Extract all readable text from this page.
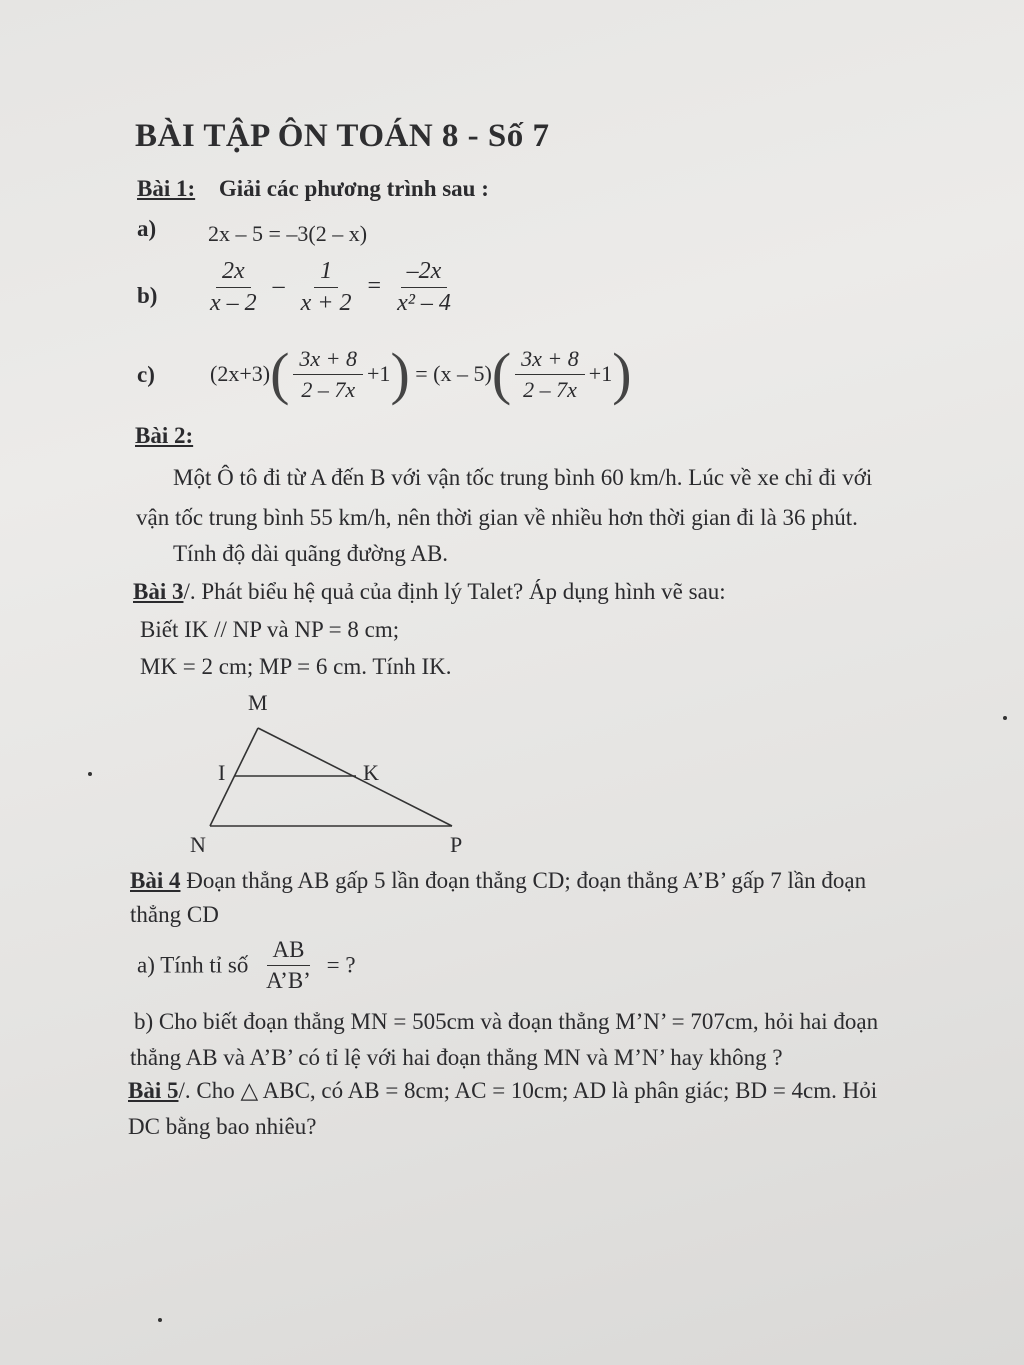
BÀI TẬP ÔN TOÁN 8 - Số 7
Bài 1: Giải các phương trình sau :
a) 2x – 5 = –3(2 – x)
$b) \frac{2x}{x - 2} - \frac{1}{x + 2} = \frac{-2x}{\text{x² – 4}}$
c)	$(2x+3)( \frac{3x + 8}{2 - 7x} +1) = (x - 5)( \frac{3x + 8}{2 - 7x} +1)$
Bài 2:
Một Ô tô đi từ A đến B với vận tốc trung bình 60 km/h. Lúc về xe chỉ đi với
vận tốc trung bình 55 km/h, nên thời gian về nhiều hơn thời gian đi là 36 phút.
Tính độ dài quãng đường AB.
Bài 3/. Phát biểu hệ quả của định lý Talet? Áp dụng hình vẽ sau:
Biết IK // NP và NP = 8 cm;
MK = 2 cm; MP = 6 cm. Tính IK.
M
I	K
N	P
Bài 4 Đoạn thẳng AB gấp 5 lần đoạn thẳng CD; đoạn thẳng A’B’ gấp 7 lần đoạn
thẳng CD
a) Tính tỉ số $\frac{AB}{A’B’}$ = ?
b) Cho biết đoạn thẳng MN = 505cm và đoạn thẳng M’N’ = 707cm, hỏi hai đoạn
thẳng AB và A’B’ có tỉ lệ với hai đoạn thẳng MN và M’N’ hay không ?
Bài 5/. Cho △ ABC, có AB = 8cm; AC = 10cm; AD là phân giác; BD = 4cm. Hỏi
DC bằng bao nhiêu?
